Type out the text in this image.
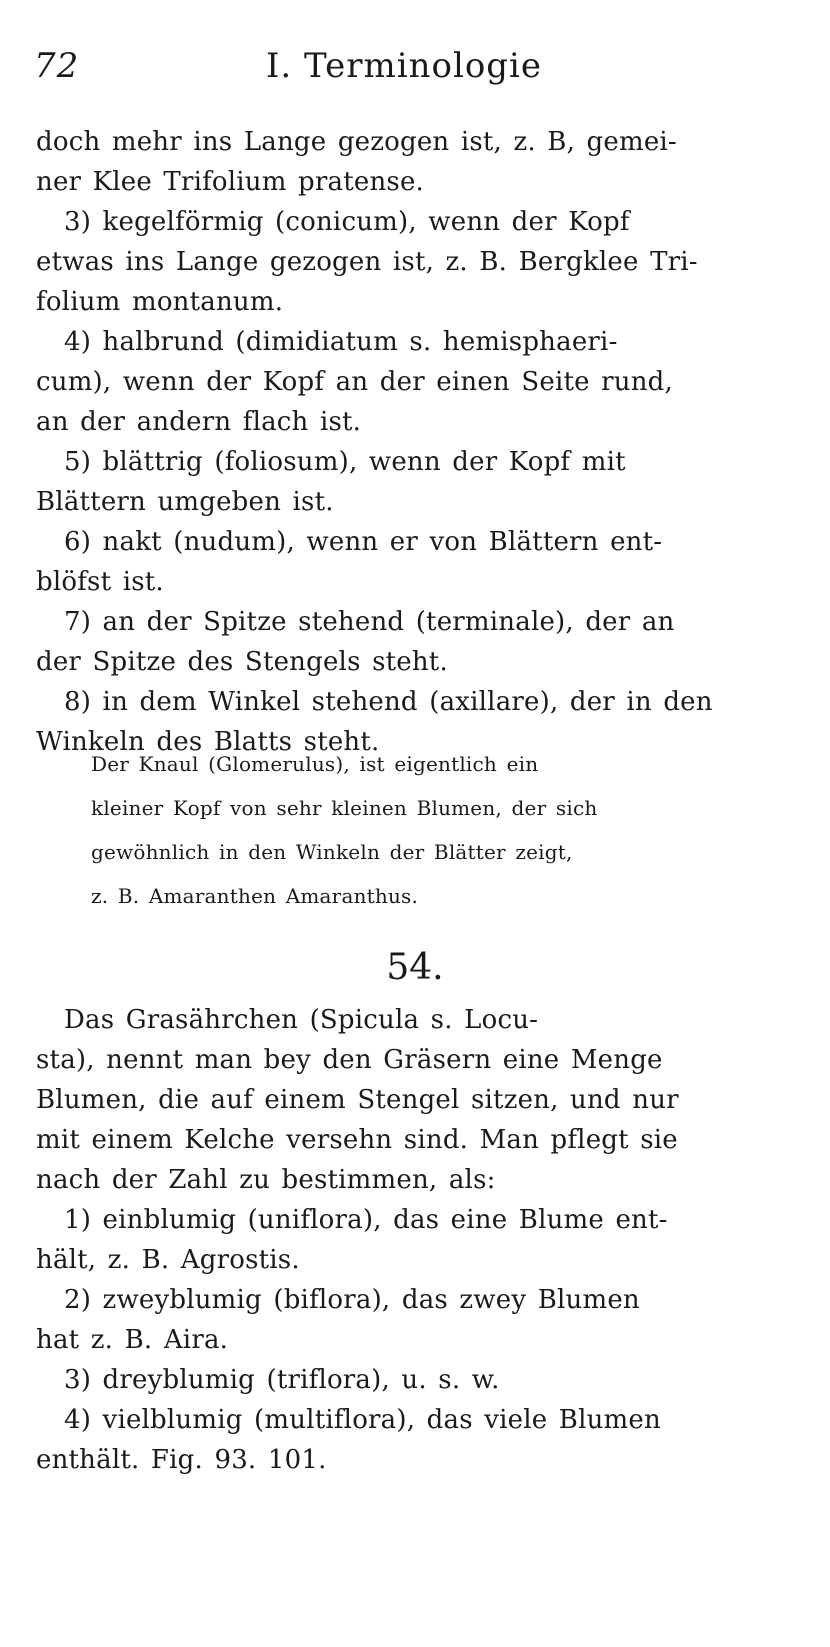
72	I. Terminologie
doch mehr ins Lange gezogen ist, z. B, gemei-
ner Klee Trifolium pratense.
3) kegelförmig (conicum), wenn der Kopf
etwas ins Lange gezogen ist, z. B. Bergklee Tri-
folium montanum.
4) halbrund (dimidiatum s. hemisphaeri-
cum), wenn der Kopf an der einen Seite rund,
an der andern flach ist.
5) blättrig (foliosum), wenn der Kopf mit
Blättern umgeben ist.
6) nakt (nudum), wenn er von Blättern ent-
blöfst ist.
7) an der Spitze stehend (terminale), der an
der Spitze des Stengels steht.
8) in dem Winkel stehend (axillare), der in den
Winkeln des Blatts steht.
Der Knaul (Glomerulus), ist eigentlich ein
kleiner Kopf von sehr kleinen Blumen, der sich
gewöhnlich in den Winkeln der Blätter zeigt,
z. B. Amaranthen Amaranthus.
54.
Das Grasährchen (Spicula s. Locu-
sta), nennt man bey den Gräsern eine Menge
Blumen, die auf einem Stengel sitzen, und nur
mit einem Kelche versehn sind. Man pflegt sie
nach der Zahl zu bestimmen, als:
1) einblumig (uniflora), das eine Blume ent-
hält, z. B. Agrostis.
2) zweyblumig (biflora), das zwey Blumen
hat z. B. Aira.
3) dreyblumig (triflora), u. s. w.
4) vielblumig (multiflora), das viele Blumen
enthält. Fig. 93. 101.
